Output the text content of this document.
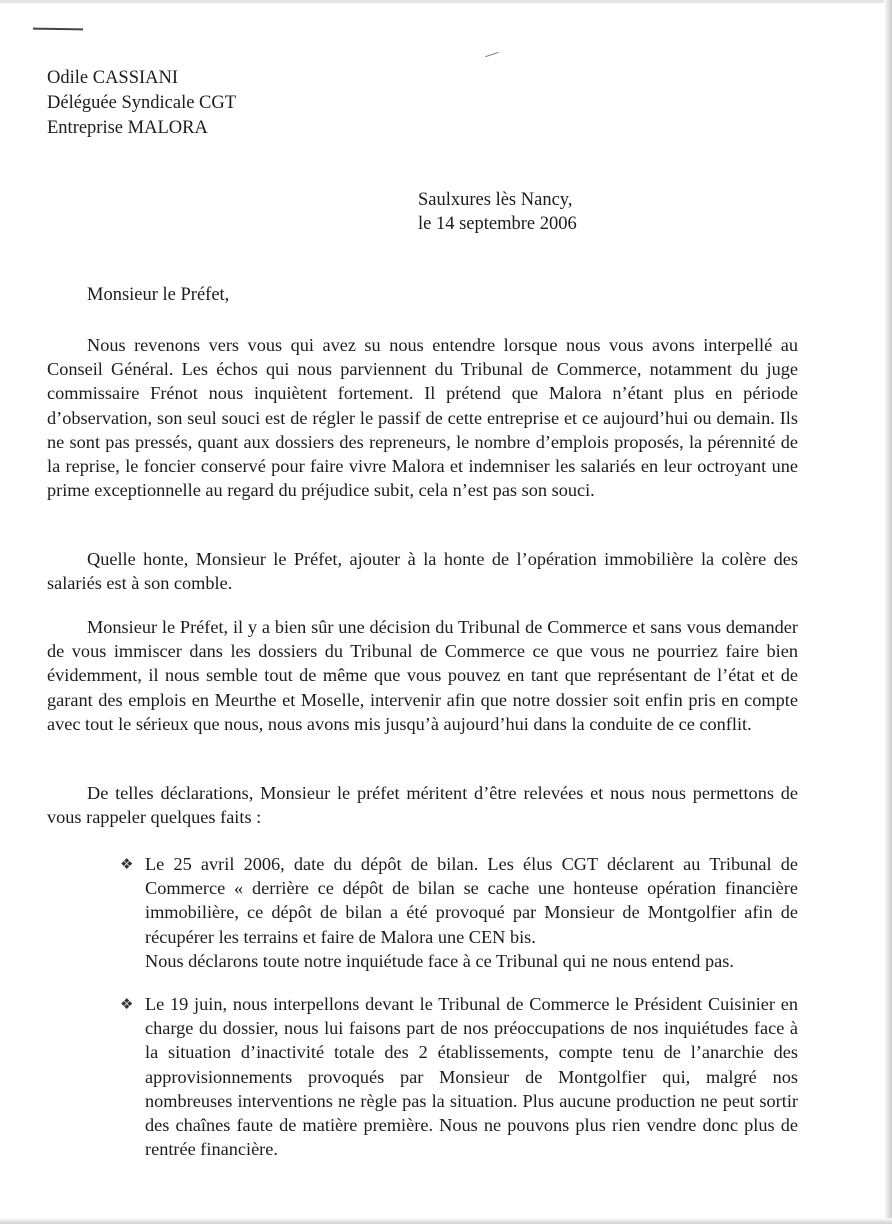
Odile CASSIANI
Déléguée Syndicale CGT
Entreprise MALORA
Saulxures lès Nancy,
le 14 septembre 2006
Monsieur le Préfet,

Nous revenons vers vous qui avez su nous entendre lorsque nous vous avons interpellé au Conseil Général. Les échos qui nous parviennent du Tribunal de Commerce, notamment du juge commissaire Frénot nous inquiètent fortement. Il prétend que Malora n’étant plus en période d’observation, son seul souci est de régler le passif de cette entreprise et ce aujourd’hui ou demain. Ils ne sont pas pressés, quant aux dossiers des repreneurs, le nombre d’emplois proposés, la pérennité de la reprise, le foncier conservé pour faire vivre Malora et indemniser les salariés en leur octroyant une prime exceptionnelle au regard du préjudice subit, cela n’est pas son souci.

Quelle honte, Monsieur le Préfet, ajouter à la honte de l’opération immobilière la colère des salariés est à son comble.

Monsieur le Préfet, il y a bien sûr une décision du Tribunal de Commerce et sans vous demander de vous immiscer dans les dossiers du Tribunal de Commerce ce que vous ne pourriez faire bien évidemment, il nous semble tout de même que vous pouvez en tant que représentant de l’état et de garant des emplois en Meurthe et Moselle, intervenir afin que notre dossier soit enfin pris en compte avec tout le sérieux que nous, nous avons mis jusqu’à aujourd’hui dans la conduite de ce conflit.

De telles déclarations, Monsieur le préfet méritent d’être relevées et nous nous permettons de vous rappeler quelques faits :

❖ Le 25 avril 2006, date du dépôt de bilan. Les élus CGT déclarent au Tribunal de Commerce « derrière ce dépôt de bilan se cache une honteuse opération financière immobilière, ce dépôt de bilan a été provoqué par Monsieur de Montgolfier afin de récupérer les terrains et faire de Malora une CEN bis.
Nous déclarons toute notre inquiétude face à ce Tribunal qui ne nous entend pas.
❖ Le 19 juin, nous interpellons devant le Tribunal de Commerce le Président Cuisinier en charge du dossier, nous lui faisons part de nos préoccupations de nos inquiétudes face à la situation d’inactivité totale des 2 établissements, compte tenu de l’anarchie des approvisionnements provoqués par Monsieur de Montgolfier qui, malgré nos nombreuses interventions ne règle pas la situation. Plus aucune production ne peut sortir des chaînes faute de matière première. Nous ne pouvons plus rien vendre donc plus de rentrée financière.
